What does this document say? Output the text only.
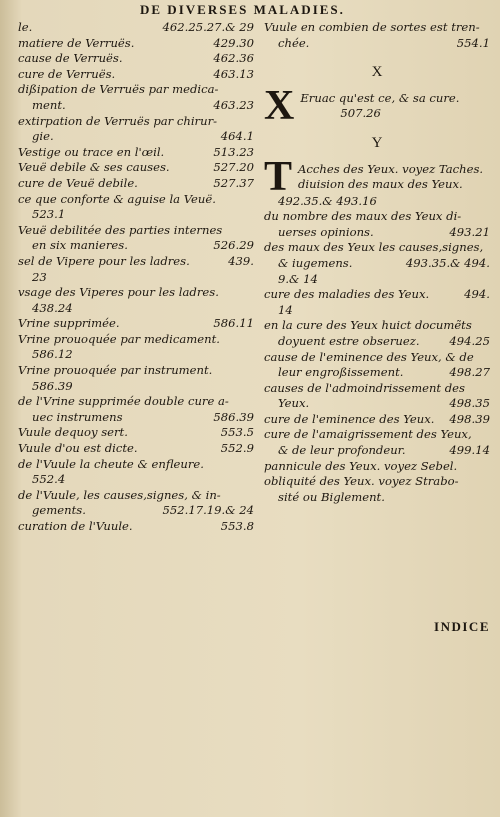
DE DIVERSES MALADIES.
le.	462.25.27.& 29
matiere de Verruës.	429.30
cause de Verruës.	462.36
cure de Verruës.	463.13
dißipation de Verruës par medica-
ment.	463.23
extirpation de Verruës par chirur-
gie.	464.1
Vestige ou trace en l'œil.	513.23
Veuë debile & ses causes.	527.20
cure de Veuë debile.	527.37
ce que conforte & aguise la Veuë.
523.1
Veuë debilitée des parties internes
en six manieres.	526.29
sel de Vipere pour les ladres.	439.
23
vsage des Viperes pour les ladres.
438.24
Vrine supprimée.	586.11
Vrine prouoquée par medicament.
586.12
Vrine prouoquée par instrument.
586.39
de l'Vrine supprimée double cure a-
uec instrumens	586.39
Vuule dequoy sert.	553.5
Vuule d'ou est dicte.	552.9
de l'Vuule la cheute & enfleure.
552.4
de l'Vuule, les causes,signes, & in-
gements.	552.17.19.& 24
curation de l'Vuule.	553.8
Vuule en combien de sortes est tren-
chée.	554.1
X
X Eruac qu'est ce, & sa cure.
507.26
Y
T Acches des Yeux. voyez Taches.
diuision des maux des Yeux.
492.35.& 493.16
du nombre des maux des Yeux di-
uerses opinions.	493.21
des maux des Yeux les causes,signes,
& iugemens.	493.35.& 494.
9.& 14
cure des maladies des Yeux.	494.
14
en la cure des Yeux huict documẽts
doyuent estre obseruez.	494.25
cause de l'eminence des Yeux, & de
leur engroßissement.	498.27
causes de l'admoindrissement des
Yeux.	498.35
cure de l'eminence des Yeux.	498.39
cure de l'amaigrissement des Yeux,
& de leur profondeur.	499.14
pannicule des Yeux. voyez Sebel.
obliquité des Yeux. voyez Strabo-
sité ou Biglement.
INDICE
